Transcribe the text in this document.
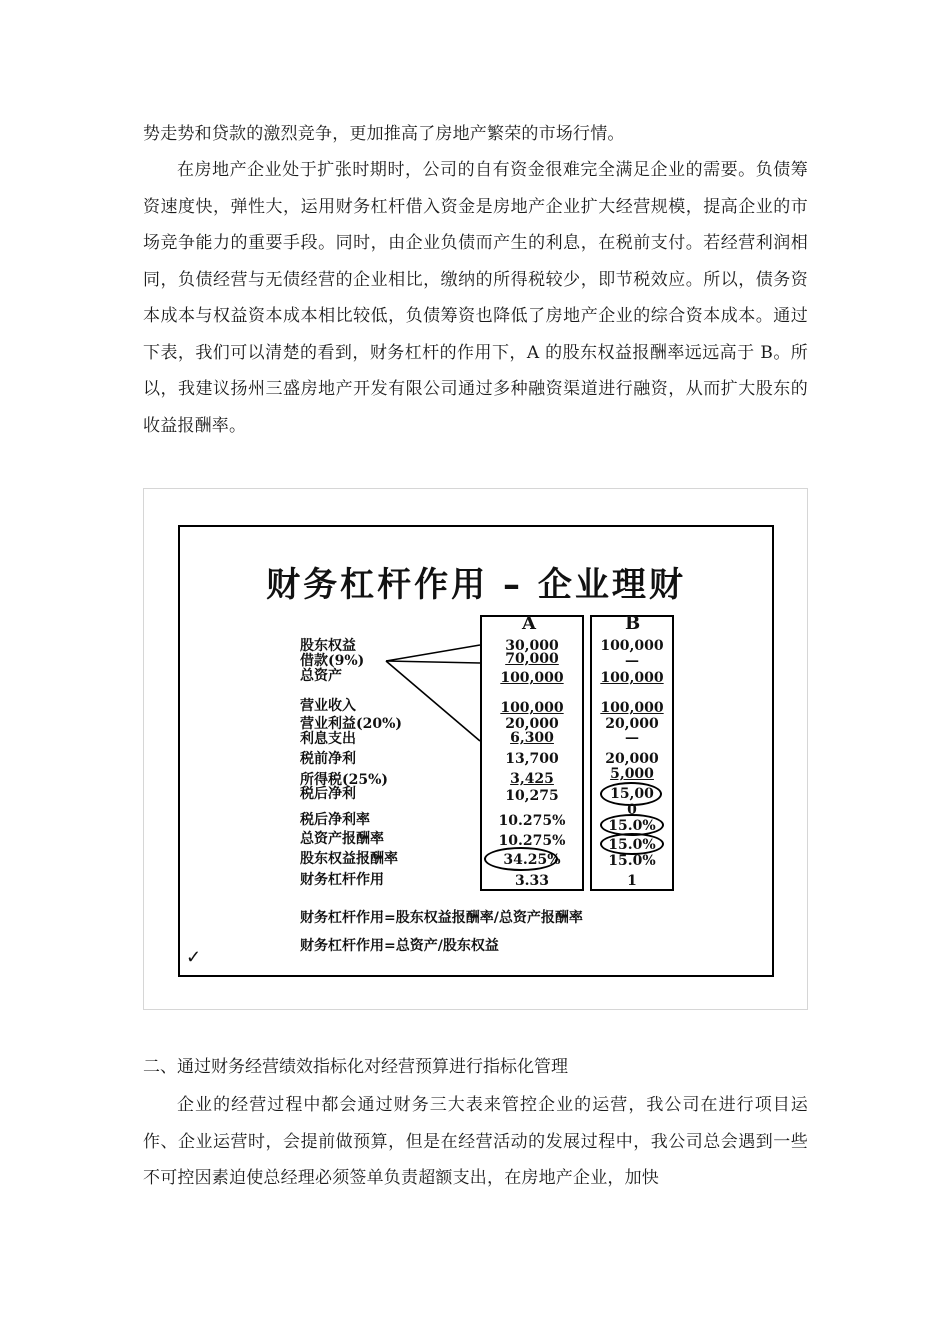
势走势和贷款的激烈竞争，更加推高了房地产繁荣的市场行情。

在房地产企业处于扩张时期时，公司的自有资金很难完全满足企业的需要。负债筹资速度快，弹性大，运用财务杠杆借入资金是房地产企业扩大经营规模，提高企业的市场竞争能力的重要手段。同时，由企业负债而产生的利息，在税前支付。若经营利润相同，负债经营与无债经营的企业相比，缴纳的所得税较少，即节税效应。所以，债务资本成本与权益资本成本相比较低，负债筹资也降低了房地产企业的综合资本成本。通过下表，我们可以清楚的看到，财务杠杆的作用下，A 的股东权益报酬率远远高于 B。所以，我建议扬州三盛房地产开发有限公司通过多种融资渠道进行融资，从而扩大股东的收益报酬率。

财务杠杆作用 – 企业理财
股东权益
借款(9%)
总资产
营业收入
营业利益(20%)
利息支出
税前净利
所得税(25%)
税后净利
税后净利率
总资产报酬率
股东权益报酬率
财务杠杆作用
A
30,000
70,000
100,000
100,000
20,000
6,300
13,700
3,425
10,275
10.275%
10.275%
34.25%
3.33
B
100,000
—
100,000
100,000
20,000
—
20,000
5,000
15,00
0
15.0%
15.0%
15.0%
1
财务杠杆作用=股东权益报酬率/总资产报酬率
财务杠杆作用=总资产/股东权益
✓

二、通过财务经营绩效指标化对经营预算进行指标化管理

企业的经营过程中都会通过财务三大表来管控企业的运营，我公司在进行项目运作、企业运营时，会提前做预算，但是在经营活动的发展过程中，我公司总会遇到一些不可控因素迫使总经理必须签单负责超额支出，在房地产企业，加快
